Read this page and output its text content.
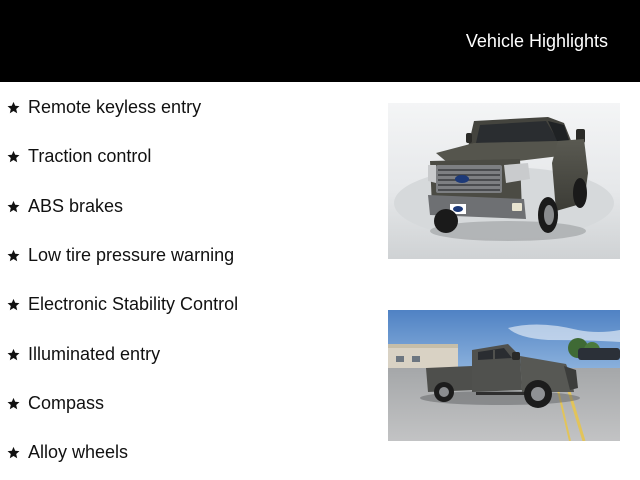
Vehicle Highlights
Remote keyless entry
Traction control
ABS brakes
Low tire pressure warning
Electronic Stability Control
Illuminated entry
Compass
Alloy wheels
